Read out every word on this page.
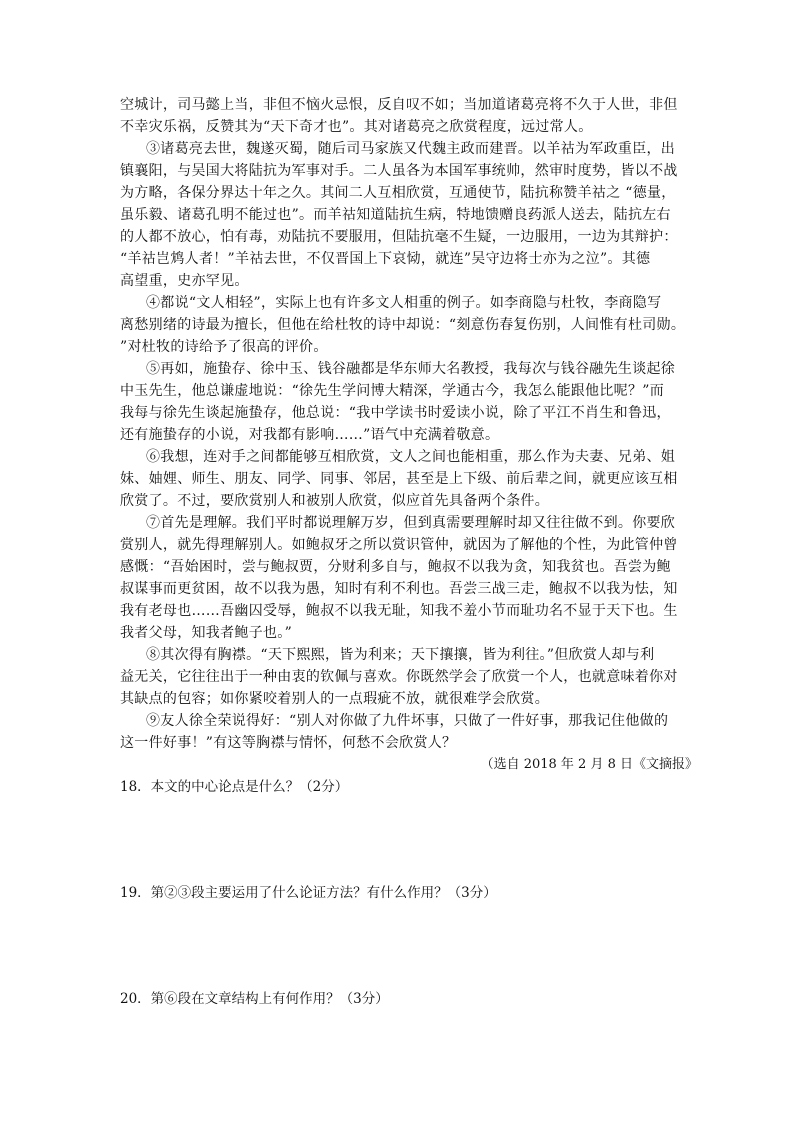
空城计，司马懿上当，非但不恼火忌恨，反自叹不如；当加道诸葛亮将不久于人世，非但
不幸灾乐祸，反赞其为“天下奇才也”。其对诸葛亮之欣赏程度，远过常人。
③诸葛亮去世，魏遂灭蜀，随后司马家族又代魏主政而建晋。以羊祜为军政重臣，出
镇襄阳，与吴国大将陆抗为军事对手。二人虽各为本国军事统帅，然审时度势，皆以不战
为方略，各保分界达十年之久。其间二人互相欣赏，互通使节，陆抗称赞羊祜之 “德量，
虽乐毅、诸葛孔明不能过也”。而羊祜知道陆抗生病，特地馈赠良药派人送去，陆抗左右
的人都不放心，怕有毒，劝陆抗不要服用，但陆抗毫不生疑，一边服用，一边为其辩护：
“羊祜岂鸩人者！”羊祜去世，不仅晋国上下哀恸，就连”吴守边将士亦为之泣”。其德
高望重，史亦罕见。
④都说“文人相轻”，实际上也有许多文人相重的例子。如李商隐与杜牧，李商隐写
离愁别绪的诗最为擅长，但他在给杜牧的诗中却说：“刻意伤春复伤别，人间惟有杜司勋。
”对杜牧的诗给予了很高的评价。
⑤再如，施蛰存、徐中玉、钱谷融都是华东师大名教授，我每次与钱谷融先生谈起徐
中玉先生，他总谦虚地说：“徐先生学问博大精深，学通古今，我怎么能跟他比呢？”而
我每与徐先生谈起施蛰存，他总说：“我中学读书时爱读小说，除了平江不肖生和鲁迅，
还有施蛰存的小说，对我都有影响……”语气中充满着敬意。
⑥我想，连对手之间都能够互相欣赏，文人之间也能相重，那么作为夫妻、兄弟、姐
妹、妯娌、师生、朋友、同学、同事、邻居，甚至是上下级、前后辈之间，就更应该互相
欣赏了。不过，要欣赏别人和被别人欣赏，似应首先具备两个条件。
⑦首先是理解。我们平时都说理解万岁，但到真需要理解时却又往往做不到。你要欣
赏别人，就先得理解别人。如鲍叔牙之所以赏识管仲，就因为了解他的个性，为此管仲曾
感慨：“吾始困时，尝与鲍叔贾，分财利多自与，鲍叔不以我为贪，知我贫也。吾尝为鲍
叔谋事而更贫困，故不以我为愚，知时有利不利也。吾尝三战三走，鲍叔不以我为怯，知
我有老母也……吾幽囚受辱，鲍叔不以我无耻，知我不羞小节而耻功名不显于天下也。生
我者父母，知我者鲍子也。”
⑧其次得有胸襟。“天下熙熙，皆为利来；天下攘攘，皆为利往。”但欣赏人却与利
益无关，它往往出于一种由衷的钦佩与喜欢。你既然学会了欣赏一个人，也就意味着你对
其缺点的包容；如你紧咬着别人的一点瑕疵不放，就很难学会欣赏。
⑨友人徐全荣说得好：“别人对你做了九件坏事，只做了一件好事，那我记住他做的
这一件好事！”有这等胸襟与情怀，何愁不会欣赏人？
（选自 2018 年 2 月 8 日《文摘报》
18．本文的中心论点是什么？（2分）
19．第②③段主要运用了什么论证方法？有什么作用？（3分）
20．第⑥段在文章结构上有何作用？（3分）
